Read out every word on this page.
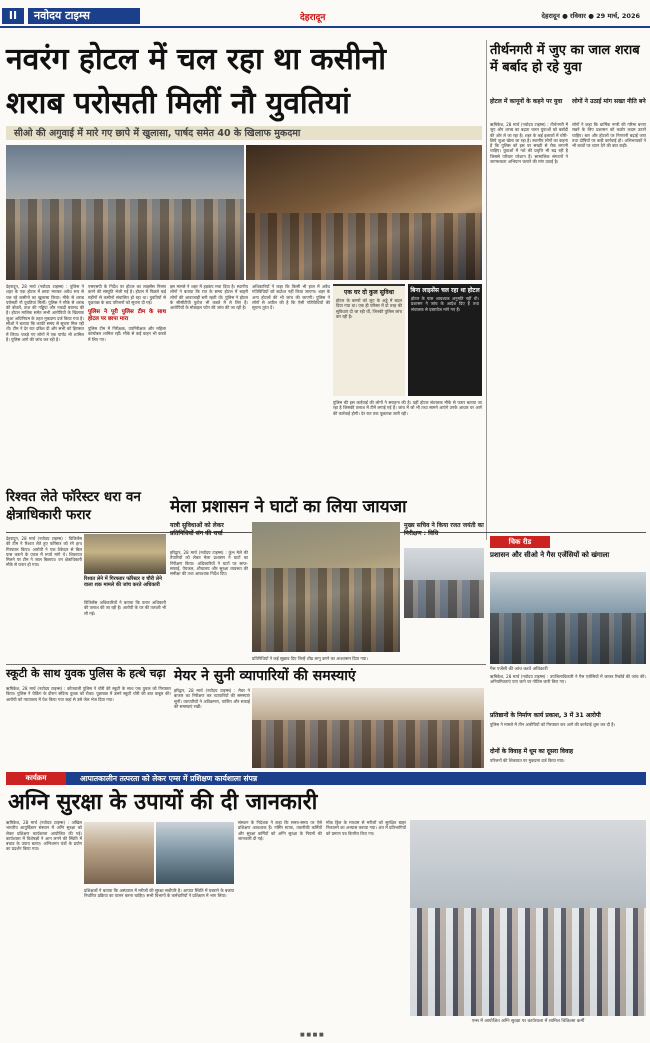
II	नवोदय टाइम्स	देहरादून	देहरादून ● रविवार ● 29 मार्च, 2026
नवरंग होटल में चल रहा था कसीनो
शराब परोसती मिलीं नौ युवतियां
सीओ की अगुवाई में मारे गए छापे में खुलासा, पार्षद समेत 40 के खिलाफ मुकदमा
देहरादून, 28 मार्च (नवोदय टाइम्स) : पुलिस ने शहर के एक होटल में छापा मारकर अवैध रूप से चल रहे कसीनो का खुलासा किया। मौके से शराब परोसती नौ युवतियां मिलीं। पुलिस ने मौके से शराब की बोतलें, ताश की गड्डियां और नकदी बरामद की है। होटल मालिक समेत सभी आरोपियों के खिलाफ जुआ अधिनियम के तहत मुकदमा दर्ज किया गया है। सीओ ने बताया कि काफी समय से सूचना मिल रही थी। टीम ने देर रात दबिश दी और सभी को हिरासत में लिया। पकड़े गए लोगों में एक पार्षद भी शामिल है। पुलिस आगे की जांच कर रही है।
एसएसपी के निर्देश पर होटल का लाइसेंस निरस्त करने की संस्तुति भेजी गई है। होटल में पिछले कई महीनों से कसीनो संचालित हो रहा था। युवतियों से पूछताछ के बाद परिजनों को सूचना दी गई।
पुलिस ने पूरी पुलिस टीम के साथ होटल पर छापा मारा
पुलिस टीम में निरीक्षक, उपनिरीक्षक और महिला कांस्टेबल शामिल रहीं। मौके से कई वाहन भी कब्जे में लिए गए।
इस मामले ने शहर में हड़कंप मचा दिया है। स्थानीय लोगों ने बताया कि रात के समय होटल में बाहरी लोगों की आवाजाही बनी रहती थी। पुलिस ने होटल के सीसीटीवी फुटेज भी कब्जे में ले लिए हैं। आरोपियों के मोबाइल फोन की जांच की जा रही है।
अधिकारियों ने कहा कि किसी भी हाल में अवैध गतिविधियों को बर्दाश्त नहीं किया जाएगा। शहर के अन्य होटलों की भी जांच की जाएगी। पुलिस ने लोगों से अपील की है कि ऐसी गतिविधियों की सूचना तुरंत दें।
एक घर दो कुल सुविधा
होटल के कमरों को जुए के अड्डे में बदल दिया गया था। एक ही परिसर में दो तरह की सुविधाएं दी जा रही थीं, जिनकी पुलिस जांच कर रही है।
बिना लाइसेंस चल रहा था होटल
होटल के पास आवश्यक अनुमति नहीं थी। प्रशासन ने जांच के आदेश दिए हैं तथा संचालक से दस्तावेज मांगे गए हैं।
पुलिस की इस कार्रवाई की लोगों ने सराहना की है। वहीं होटल संचालक मौके से फरार बताया जा रहा है जिसकी तलाश में टीमें लगाई गई हैं। जांच में जो भी तथ्य सामने आएंगे उनके आधार पर आगे की कार्रवाई होगी। देर रात तक पूछताछ जारी रही।
तीर्थनगरी में जुए का जाल शराब में बर्बाद हो रहे युवा
होटल में कानूनों के कहने पर युवा	लोगों ने उठाई मांग सख्त नीति बने
ऋषिकेश, 28 मार्च (नवोदय टाइम्स) : तीर्थनगरी में जुए और शराब का बढ़ता चलन युवाओं को बर्बादी की ओर ले जा रहा है। शहर के कई इलाकों में चोरी-छिपे जुआ खेला जा रहा है। स्थानीय लोगों का कहना है कि पुलिस को इस पर सख्ती से रोक लगानी चाहिए। युवाओं में नशे की प्रवृत्ति भी बढ़ रही है जिससे परिवार परेशान हैं। सामाजिक संगठनों ने जागरूकता अभियान चलाने की मांग उठाई है।
लोगों ने कहा कि धार्मिक नगरी की गरिमा बनाए रखने के लिए प्रशासन को कठोर कदम उठाने चाहिए। बार और होटलों पर निगरानी बढ़ाई जाए तथा दोषियों पर कड़ी कार्रवाई हो। अभिभावकों ने भी बच्चों पर ध्यान देने की बात कही।
रिश्वत लेते फॉरेस्टर धरा वन क्षेत्राधिकारी फरार
रिश्वत लेने में गिरफ्तार फॉरेस्टर व चौरी लेने वाला शक मामले की जांच करते अधिकारी
देहरादून, 28 मार्च (नवोदय टाइम्स) : विजिलेंस की टीम ने रिश्वत लेते हुए फॉरेस्टर को रंगे हाथ गिरफ्तार किया। आरोपी ने एक ठेकेदार से बिल पास कराने के एवज में रुपये मांगे थे। शिकायत मिलने पर टीम ने जाल बिछाया। वन क्षेत्राधिकारी मौके से फरार हो गया।
विजिलेंस अधिकारियों ने बताया कि फरार अधिकारी की तलाश की जा रही है। आरोपी के घर की तलाशी भी ली गई।
मेला प्रशासन ने घाटों का लिया जायजा
यात्री सुविधाओं को लेकर प्रतिनिधियों संग की चर्चा
मुख्य सचिव ने किया रजत जयंती का निरीक्षण : विधि
हरिद्वार, 28 मार्च (नवोदय टाइम्स) : कुंभ मेले की तैयारियों को लेकर मेला प्रशासन ने घाटों का निरीक्षण किया। अधिकारियों ने घाटों पर साफ-सफाई, पेयजल, शौचालय और सुरक्षा व्यवस्था की समीक्षा की तथा आवश्यक निर्देश दिए।
प्रतिनिधियों ने कई सुझाव दिए जिन्हें शीघ्र लागू करने का आश्वासन दिया गया।
स्कूटी के साथ युवक पुलिस के हत्थे चढ़ा
ऋषिकेश, 28 मार्च (नवोदय टाइम्स) : कोतवाली पुलिस ने चोरी की स्कूटी के साथ एक युवक को गिरफ्तार किया। पुलिस ने चेकिंग के दौरान संदिग्ध युवक को रोका। पूछताछ में उसने स्कूटी चोरी की बात कबूल की। आरोपी को न्यायालय में पेश किया गया जहां से उसे जेल भेज दिया गया।
मेयर ने सुनी व्यापारियों की समस्याएं
हरिद्वार, 28 मार्च (नवोदय टाइम्स) : मेयर ने बाजार का निरीक्षण कर व्यापारियों की समस्याएं सुनीं। व्यापारियों ने अतिक्रमण, पार्किंग और सफाई की समस्याएं रखीं।
चिक रीड
प्रशासन और सीओ ने गैस एजेंसियों को खंगाला
गैस एजेंसी की जांच करते अधिकारी
ऋषिकेश, 28 मार्च (नवोदय टाइम्स) : उपजिलाधिकारी ने गैस एजेंसियों में जाकर रिकॉर्ड की जांच की। अनियमितताएं पाए जाने पर नोटिस जारी किए गए।
प्रतिष्ठानों के निर्माण कार्य प्रकाश, 3 में 31 आरोपी
पुलिस ने मामले में तीन आरोपियों को गिरफ्तार कर आगे की कार्रवाई शुरू कर दी है।
दोनों के विवाह में धूम का दूसरा विवाह
परिजनों की शिकायत पर मुकदमा दर्ज किया गया।
कार्यक्रम	आपातकालीन तत्परता को लेकर एम्स में प्रशिक्षण कार्यशाला संपन्न
अग्नि सुरक्षा के उपायों की दी जानकारी
ऋषिकेश, 28 मार्च (नवोदय टाइम्स) : अखिल भारतीय आयुर्विज्ञान संस्थान में अग्नि सुरक्षा को लेकर प्रशिक्षण कार्यशाला आयोजित की गई। कार्यशाला में विशेषज्ञों ने आग लगने की स्थिति में बचाव के उपाय बताए। अग्निशमन यंत्रों के प्रयोग का प्रदर्शन किया गया।
प्रशिक्षकों ने बताया कि अस्पताल में मरीजों की सुरक्षा सर्वोपरि है। आपात स्थिति में घबराने के बजाय निर्धारित प्रक्रिया का पालन करना चाहिए। सभी विभागों के कर्मचारियों ने प्रशिक्षण में भाग लिया।
संस्थान के निदेशक ने कहा कि समय-समय पर ऐसे प्रशिक्षण आवश्यक हैं। नर्सिंग स्टाफ, तकनीकी कर्मियों और सुरक्षा कर्मियों को अग्नि सुरक्षा के नियमों की जानकारी दी गई।
मॉक ड्रिल के माध्यम से मरीजों को सुरक्षित बाहर निकालने का अभ्यास कराया गया। अंत में प्रतिभागियों को प्रमाण पत्र वितरित किए गए।
एम्स में आयोजित अग्नि सुरक्षा पर कार्यशाला में शामिल चिकित्सा कर्मी
■ ■ ■ ■
